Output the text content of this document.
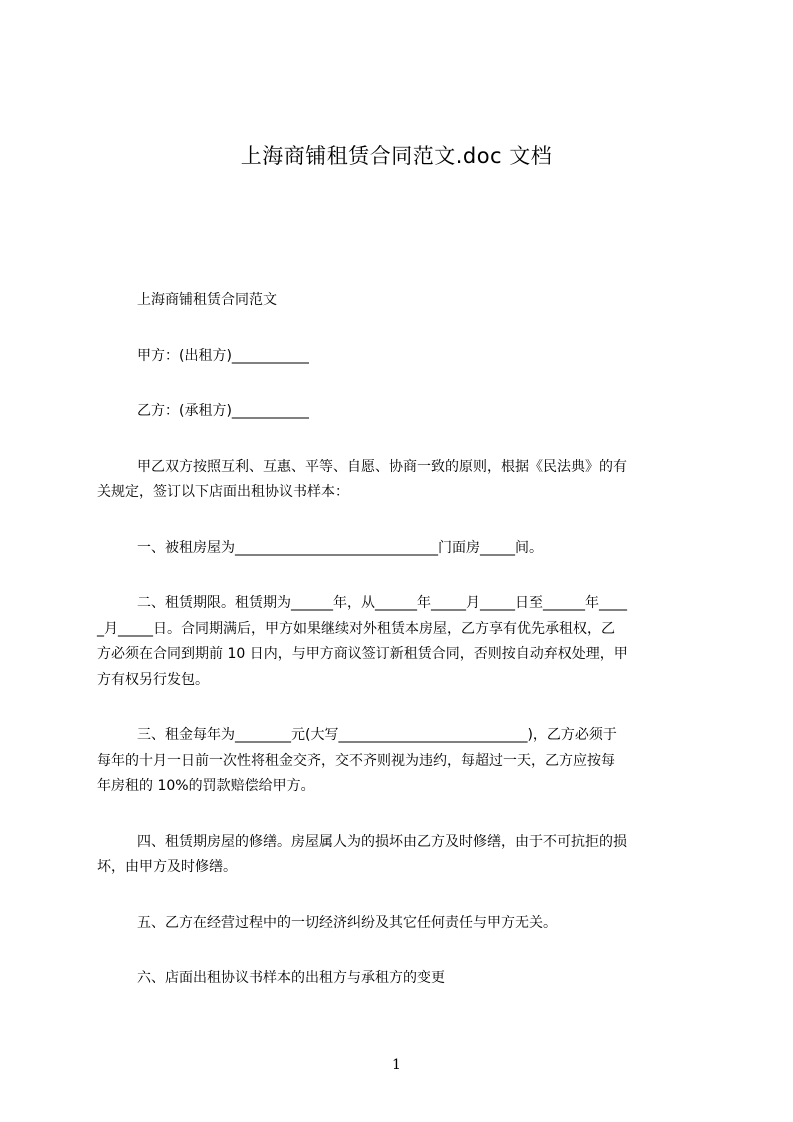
上海商铺租赁合同范文.doc 文档
上海商铺租赁合同范文
甲方：(出租方)___________
乙方：(承租方)___________
甲乙双方按照互利、互惠、平等、自愿、协商一致的原则，根据《民法典》的有
关规定，签订以下店面出租协议书样本：
一、被租房屋为_____________________________门面房_____间。
二、租赁期限。租赁期为______年，从______年_____月_____日至______年____
_月_____日。合同期满后，甲方如果继续对外租赁本房屋，乙方享有优先承租权，乙
方必须在合同到期前 10 日内，与甲方商议签订新租赁合同，否则按自动弃权处理，甲
方有权另行发包。
三、租金每年为________元(大写___________________________)，乙方必须于
每年的十月一日前一次性将租金交齐，交不齐则视为违约，每超过一天，乙方应按每
年房租的 10%的罚款赔偿给甲方。
四、租赁期房屋的修缮。房屋属人为的损坏由乙方及时修缮，由于不可抗拒的损
坏，由甲方及时修缮。
五、乙方在经营过程中的一切经济纠纷及其它任何责任与甲方无关。
六、店面出租协议书样本的出租方与承租方的变更
1
